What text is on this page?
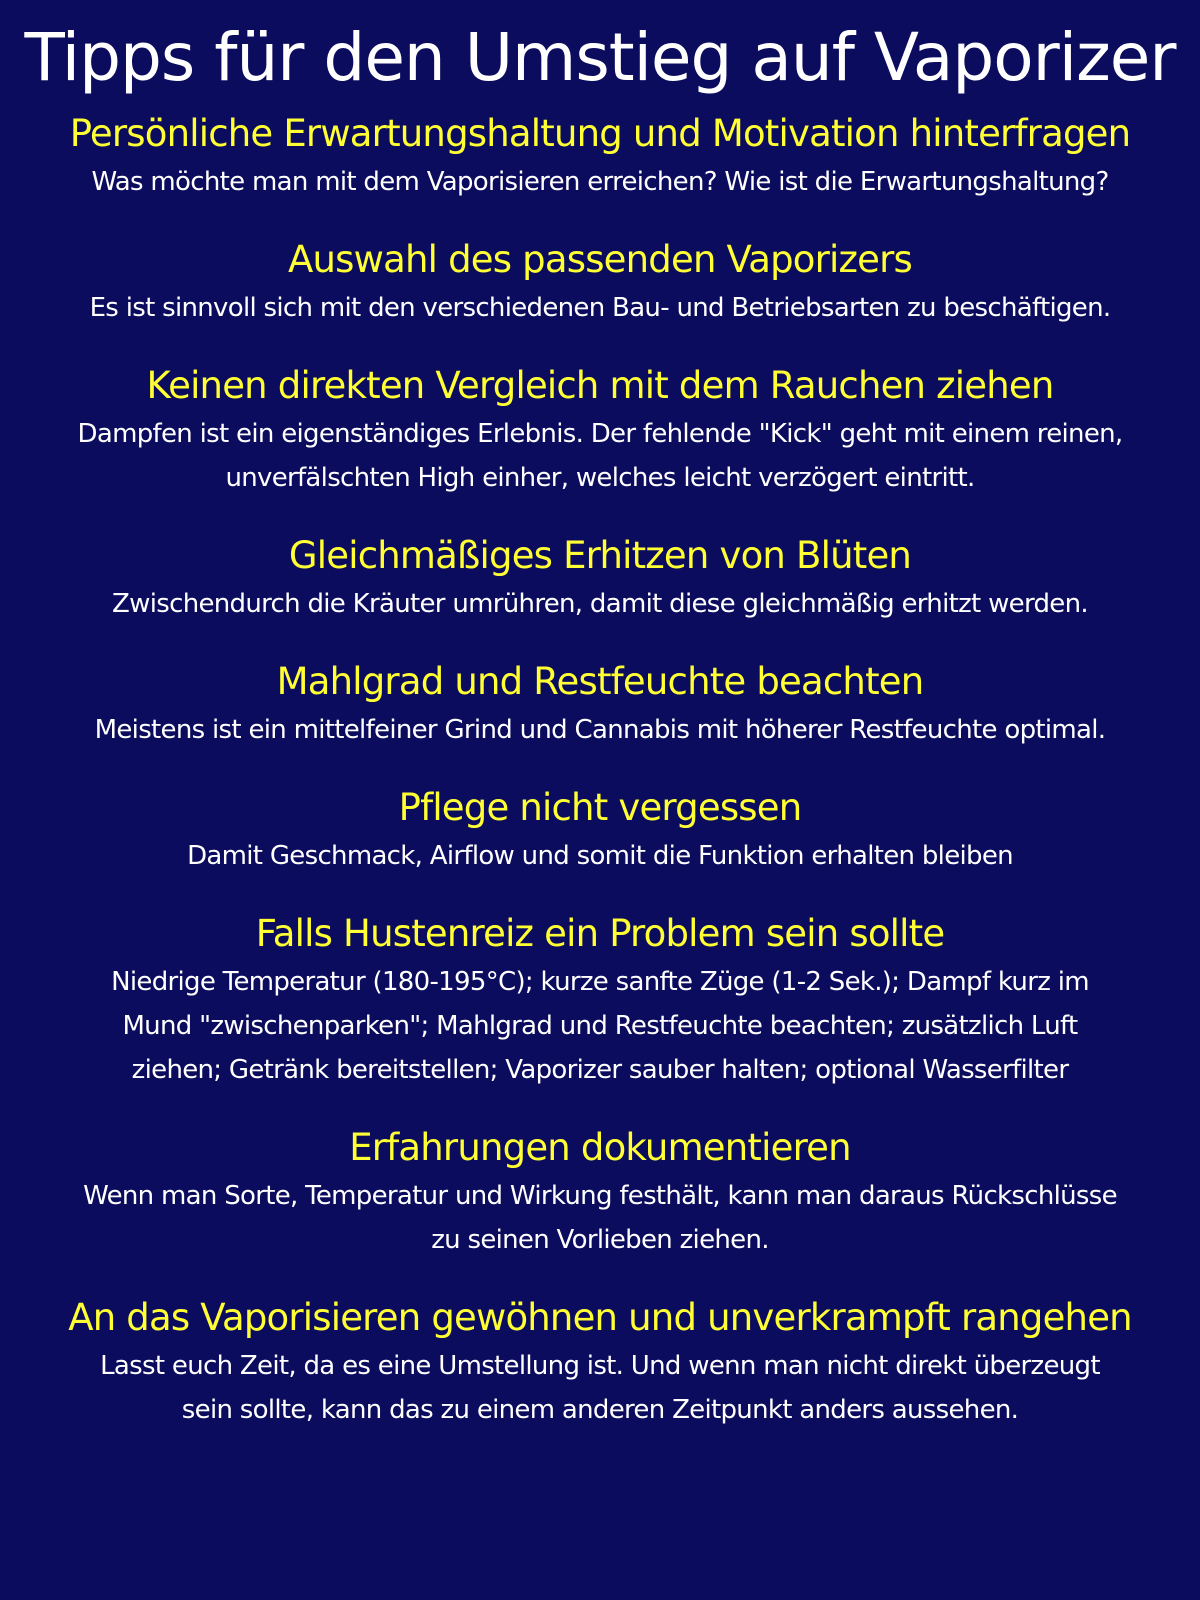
Tipps für den Umstieg auf Vaporizer
Persönliche Erwartungshaltung und Motivation hinterfragen

Was möchte man mit dem Vaporisieren erreichen? Wie ist die Erwartungshaltung?

Auswahl des passenden Vaporizers

Es ist sinnvoll sich mit den verschiedenen Bau- und Betriebsarten zu beschäftigen.

Keinen direkten Vergleich mit dem Rauchen ziehen

Dampfen ist ein eigenständiges Erlebnis. Der fehlende "Kick" geht mit einem reinen,

unverfälschten High einher, welches leicht verzögert eintritt.

Gleichmäßiges Erhitzen von Blüten

Zwischendurch die Kräuter umrühren, damit diese gleichmäßig erhitzt werden.

Mahlgrad und Restfeuchte beachten

Meistens ist ein mittelfeiner Grind und Cannabis mit höherer Restfeuchte optimal.

Pflege nicht vergessen

Damit Geschmack, Airflow und somit die Funktion erhalten bleiben

Falls Hustenreiz ein Problem sein sollte

Niedrige Temperatur (180-195°C); kurze sanfte Züge (1-2 Sek.); Dampf kurz im

Mund "zwischenparken"; Mahlgrad und Restfeuchte beachten; zusätzlich Luft

ziehen; Getränk bereitstellen; Vaporizer sauber halten; optional Wasserfilter

Erfahrungen dokumentieren

Wenn man Sorte, Temperatur und Wirkung festhält, kann man daraus Rückschlüsse

zu seinen Vorlieben ziehen.

An das Vaporisieren gewöhnen und unverkrampft rangehen

Lasst euch Zeit, da es eine Umstellung ist. Und wenn man nicht direkt überzeugt

sein sollte, kann das zu einem anderen Zeitpunkt anders aussehen.
